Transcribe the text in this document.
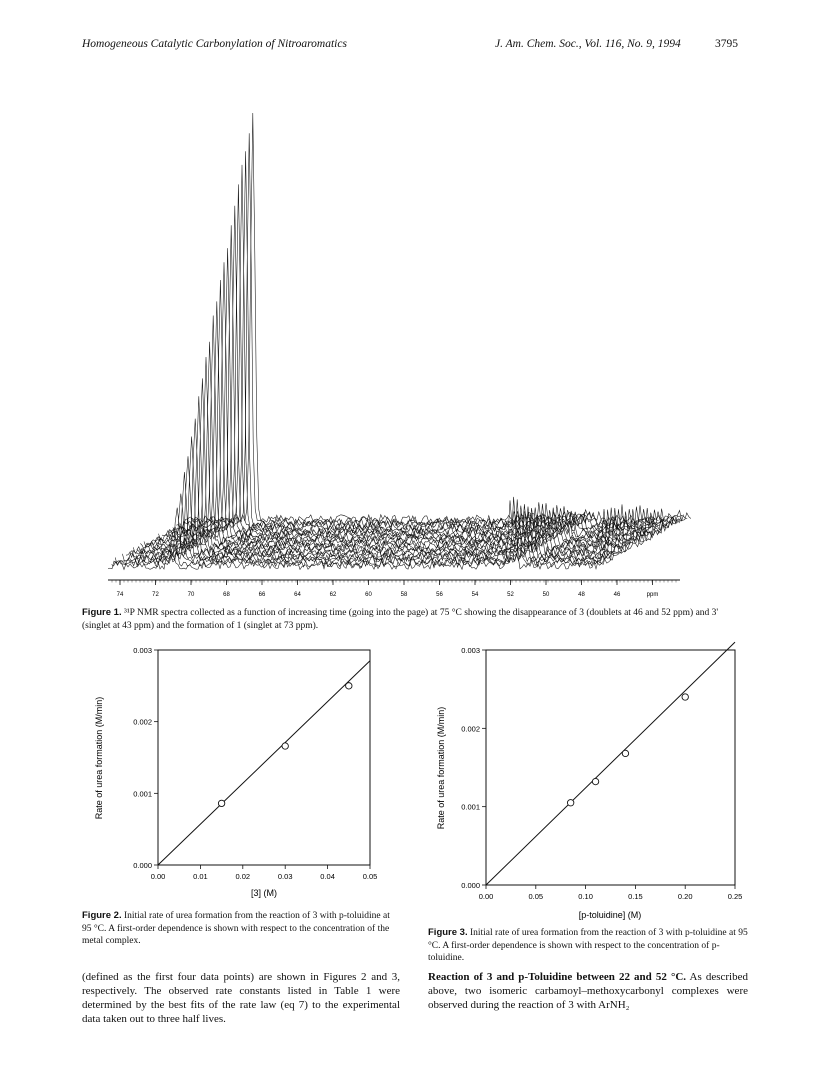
Homogeneous Catalytic Carbonylation of Nitroaromatics	J. Am. Chem. Soc., Vol. 116, No. 9, 1994	3795
74	72	70	68	66	64	62	60	58	56	54	52	50	48	46	ppm
Figure 1. ³¹P NMR spectra collected as a function of increasing time (going into the page) at 75 °C showing the disappearance of 3 (doublets at 46 and 52 ppm) and 3' (singlet at 43 ppm) and the formation of 1 (singlet at 73 ppm).
0.00	0.01	0.02	0.03	0.04	0.05
0.000
0.001
0.002
0.003
Rate of urea formation (M/min)
[3] (M)
Figure 2. Initial rate of urea formation from the reaction of 3 with p-toluidine at 95 °C. A first-order dependence is shown with respect to the concentration of the metal complex.
0.00	0.05	0.10	0.15	0.20	0.25
0.000
0.001
0.002
0.003
Rate of urea formation (M/min)
[p-toluidine] (M)
Figure 3. Initial rate of urea formation from the reaction of 3 with p-toluidine at 95 °C. A first-order dependence is shown with respect to the concentration of p-toluidine.
(defined as the first four data points) are shown in Figures 2 and 3, respectively. The observed rate constants listed in Table 1 were determined by the best fits of the rate law (eq 7) to the experimental data taken out to three half lives.
Reaction of 3 and p-Toluidine between 22 and 52 °C. As described above, two isomeric carbamoyl–methoxycarbonyl complexes were observed during the reaction of 3 with ArNH₂
